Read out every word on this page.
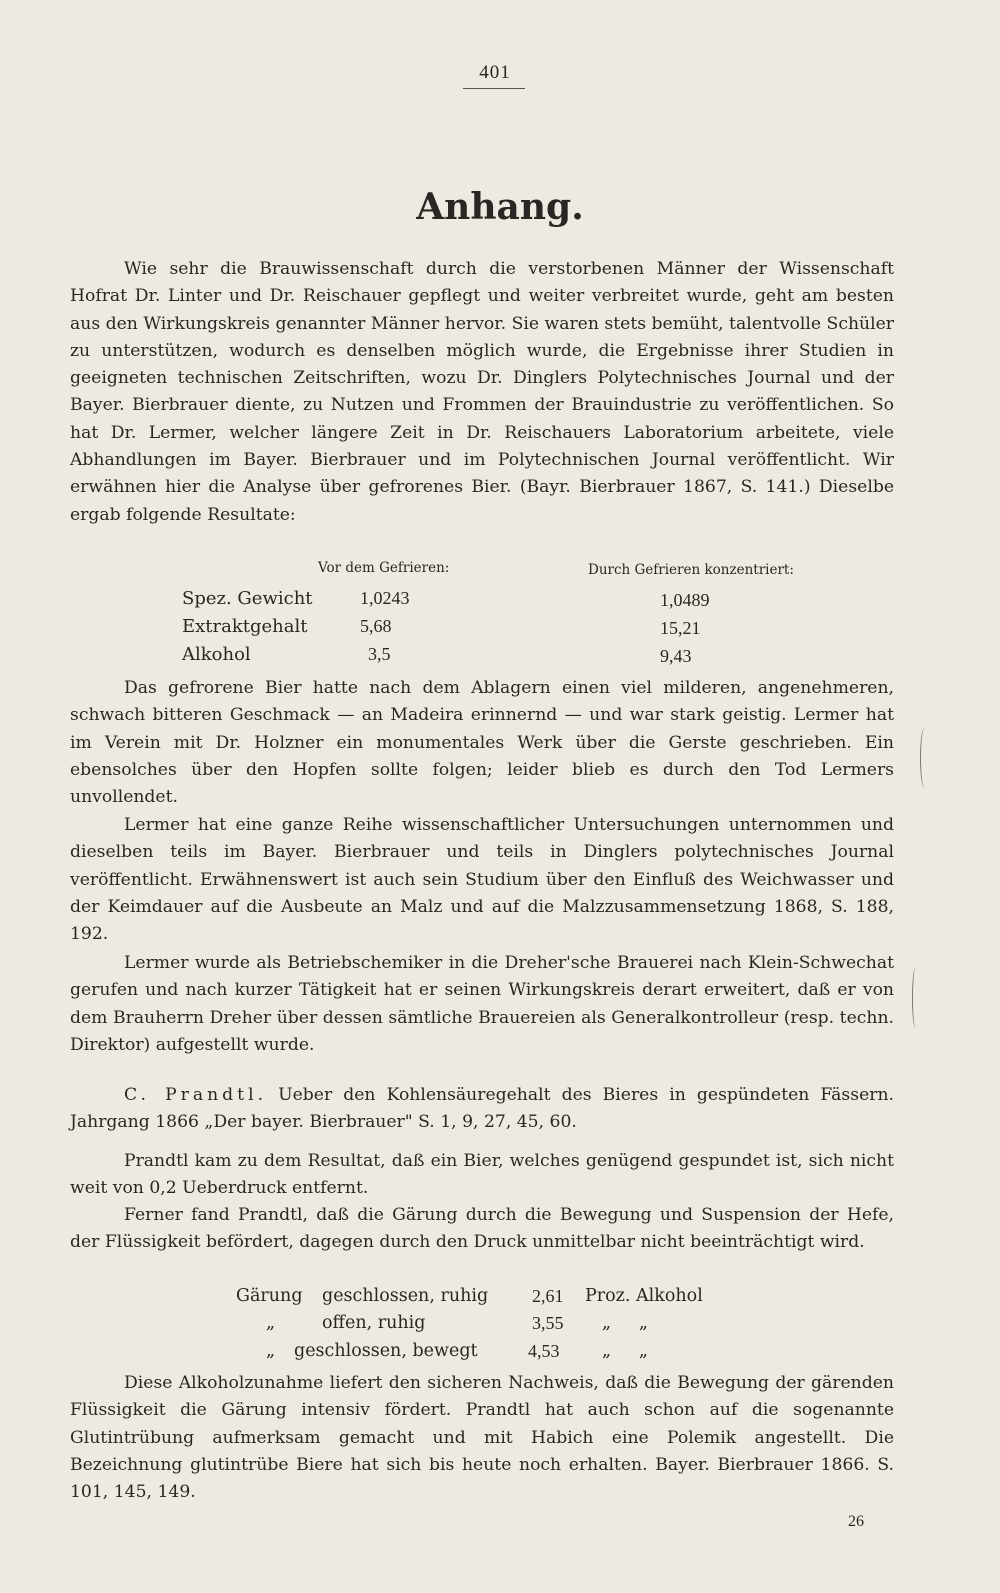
401
Anhang.
Wie sehr die Brauwissenschaft durch die verstorbenen Männer der Wissenschaft Hofrat Dr. Linter und Dr. Reischauer gepflegt und weiter verbreitet wurde, geht am besten aus den Wirkungskreis genannter Männer hervor. Sie waren stets bemüht, talentvolle Schüler zu unterstützen, wodurch es denselben möglich wurde, die Ergebnisse ihrer Studien in geeigneten technischen Zeitschriften, wozu Dr. Dinglers Polytechnisches Journal und der Bayer. Bierbrauer diente, zu Nutzen und Frommen der Brauindustrie zu veröffentlichen. So hat Dr. Lermer, welcher längere Zeit in Dr. Reischauers Laboratorium arbeitete, viele Abhandlungen im Bayer. Bierbrauer und im Polytechnischen Journal veröffentlicht. Wir erwähnen hier die Analyse über gefrorenes Bier. (Bayr. Bierbrauer 1867, S. 141.) Dieselbe ergab folgende Resultate:
Vor dem Gefrieren:	Durch Gefrieren konzentriert:
Spez. Gewicht	1,0243	1,0489
Extraktgehalt	5,68	15,21
Alkohol	3,5	9,43
Das gefrorene Bier hatte nach dem Ablagern einen viel milderen, angenehmeren, schwach bitteren Geschmack — an Madeira erinnernd — und war stark geistig. Lermer hat im Verein mit Dr. Holzner ein monumentales Werk über die Gerste geschrieben. Ein ebensolches über den Hopfen sollte folgen; leider blieb es durch den Tod Lermers unvollendet.
Lermer hat eine ganze Reihe wissenschaftlicher Untersuchungen unternommen und dieselben teils im Bayer. Bierbrauer und teils in Dinglers polytechnisches Journal veröffentlicht. Erwähnenswert ist auch sein Studium über den Einfluß des Weichwasser und der Keimdauer auf die Ausbeute an Malz und auf die Malzzusammensetzung 1868, S. 188, 192.
Lermer wurde als Betriebschemiker in die Dreher'sche Brauerei nach Klein-Schwechat gerufen und nach kurzer Tätigkeit hat er seinen Wirkungskreis derart erweitert, daß er von dem Brauherrn Dreher über dessen sämtliche Brauereien als Generalkontrolleur (resp. techn. Direktor) aufgestellt wurde.
C. Prandtl. Ueber den Kohlensäuregehalt des Bieres in gespündeten Fässern. Jahrgang 1866 „Der bayer. Bierbrauer" S. 1, 9, 27, 45, 60.
Prandtl kam zu dem Resultat, daß ein Bier, welches genügend gespundet ist, sich nicht weit von 0,2 Ueberdruck entfernt.
Ferner fand Prandtl, daß die Gärung durch die Bewegung und Suspension der Hefe, der Flüssigkeit befördert, dagegen durch den Druck unmittelbar nicht beeinträchtigt wird.
Gärung geschlossen, ruhig 2,61 Proz. Alkohol
„	offen, ruhig	3,55 „     „
„ geschlossen, bewegt	4,53 „     „
Diese Alkoholzunahme liefert den sicheren Nachweis, daß die Bewegung der gärenden Flüssigkeit die Gärung intensiv fördert. Prandtl hat auch schon auf die sogenannte Glutintrübung aufmerksam gemacht und mit Habich eine Polemik angestellt. Die Bezeichnung glutintrübe Biere hat sich bis heute noch erhalten. Bayer. Bierbrauer 1866. S. 101, 145, 149.
26
